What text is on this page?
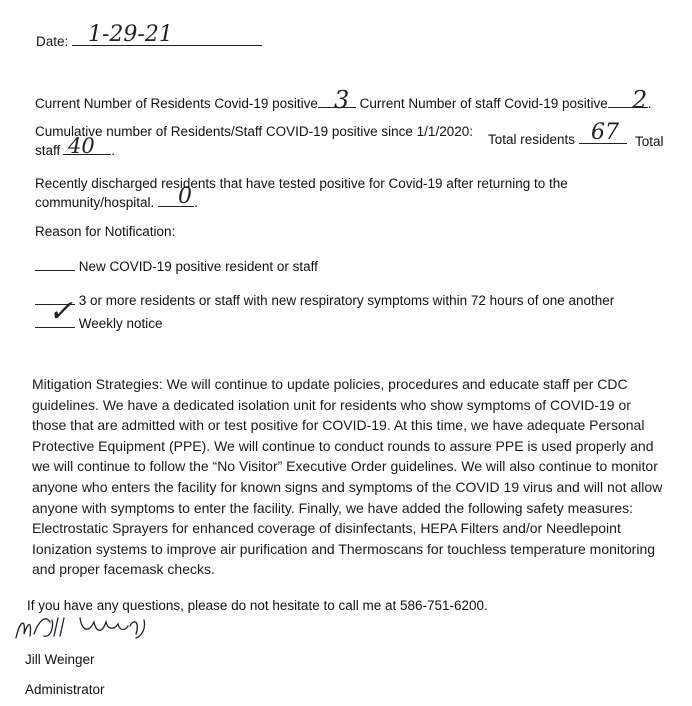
Date: 1-29-21
Current Number of Residents Covid-19 positive	Current Number of staff Covid-19 positive	.
3	2
Cumulative number of Residents/Staff COVID-19 positive since 1/1/2020:
Total residents	Total
67
staff	.
40
Recently discharged residents that have tested positive for Covid-19 after returning to the
community/hospital.	.
0
Reason for Notification:
New COVID-19 positive resident or staff
3 or more residents or staff with new respiratory symptoms within 72 hours of one another
Weekly notice
✓
Mitigation Strategies: We will continue to update policies, procedures and educate staff per CDC guidelines. We have a dedicated isolation unit for residents who show symptoms of COVID-19 or those that are admitted with or test positive for COVID-19. At this time, we have adequate Personal Protective Equipment (PPE). We will continue to conduct rounds to assure PPE is used properly and we will continue to follow the “No Visitor” Executive Order guidelines. We will also continue to monitor anyone who enters the facility for known signs and symptoms of the COVID 19 virus and will not allow anyone with symptoms to enter the facility. Finally, we have added the following safety measures: Electrostatic Sprayers for enhanced coverage of disinfectants, HEPA Filters and/or Needlepoint Ionization systems to improve air purification and Thermoscans for touchless temperature monitoring and proper facemask checks.
If you have any questions, please do not hesitate to call me at 586-751-6200.
Jill Weinger
Administrator
